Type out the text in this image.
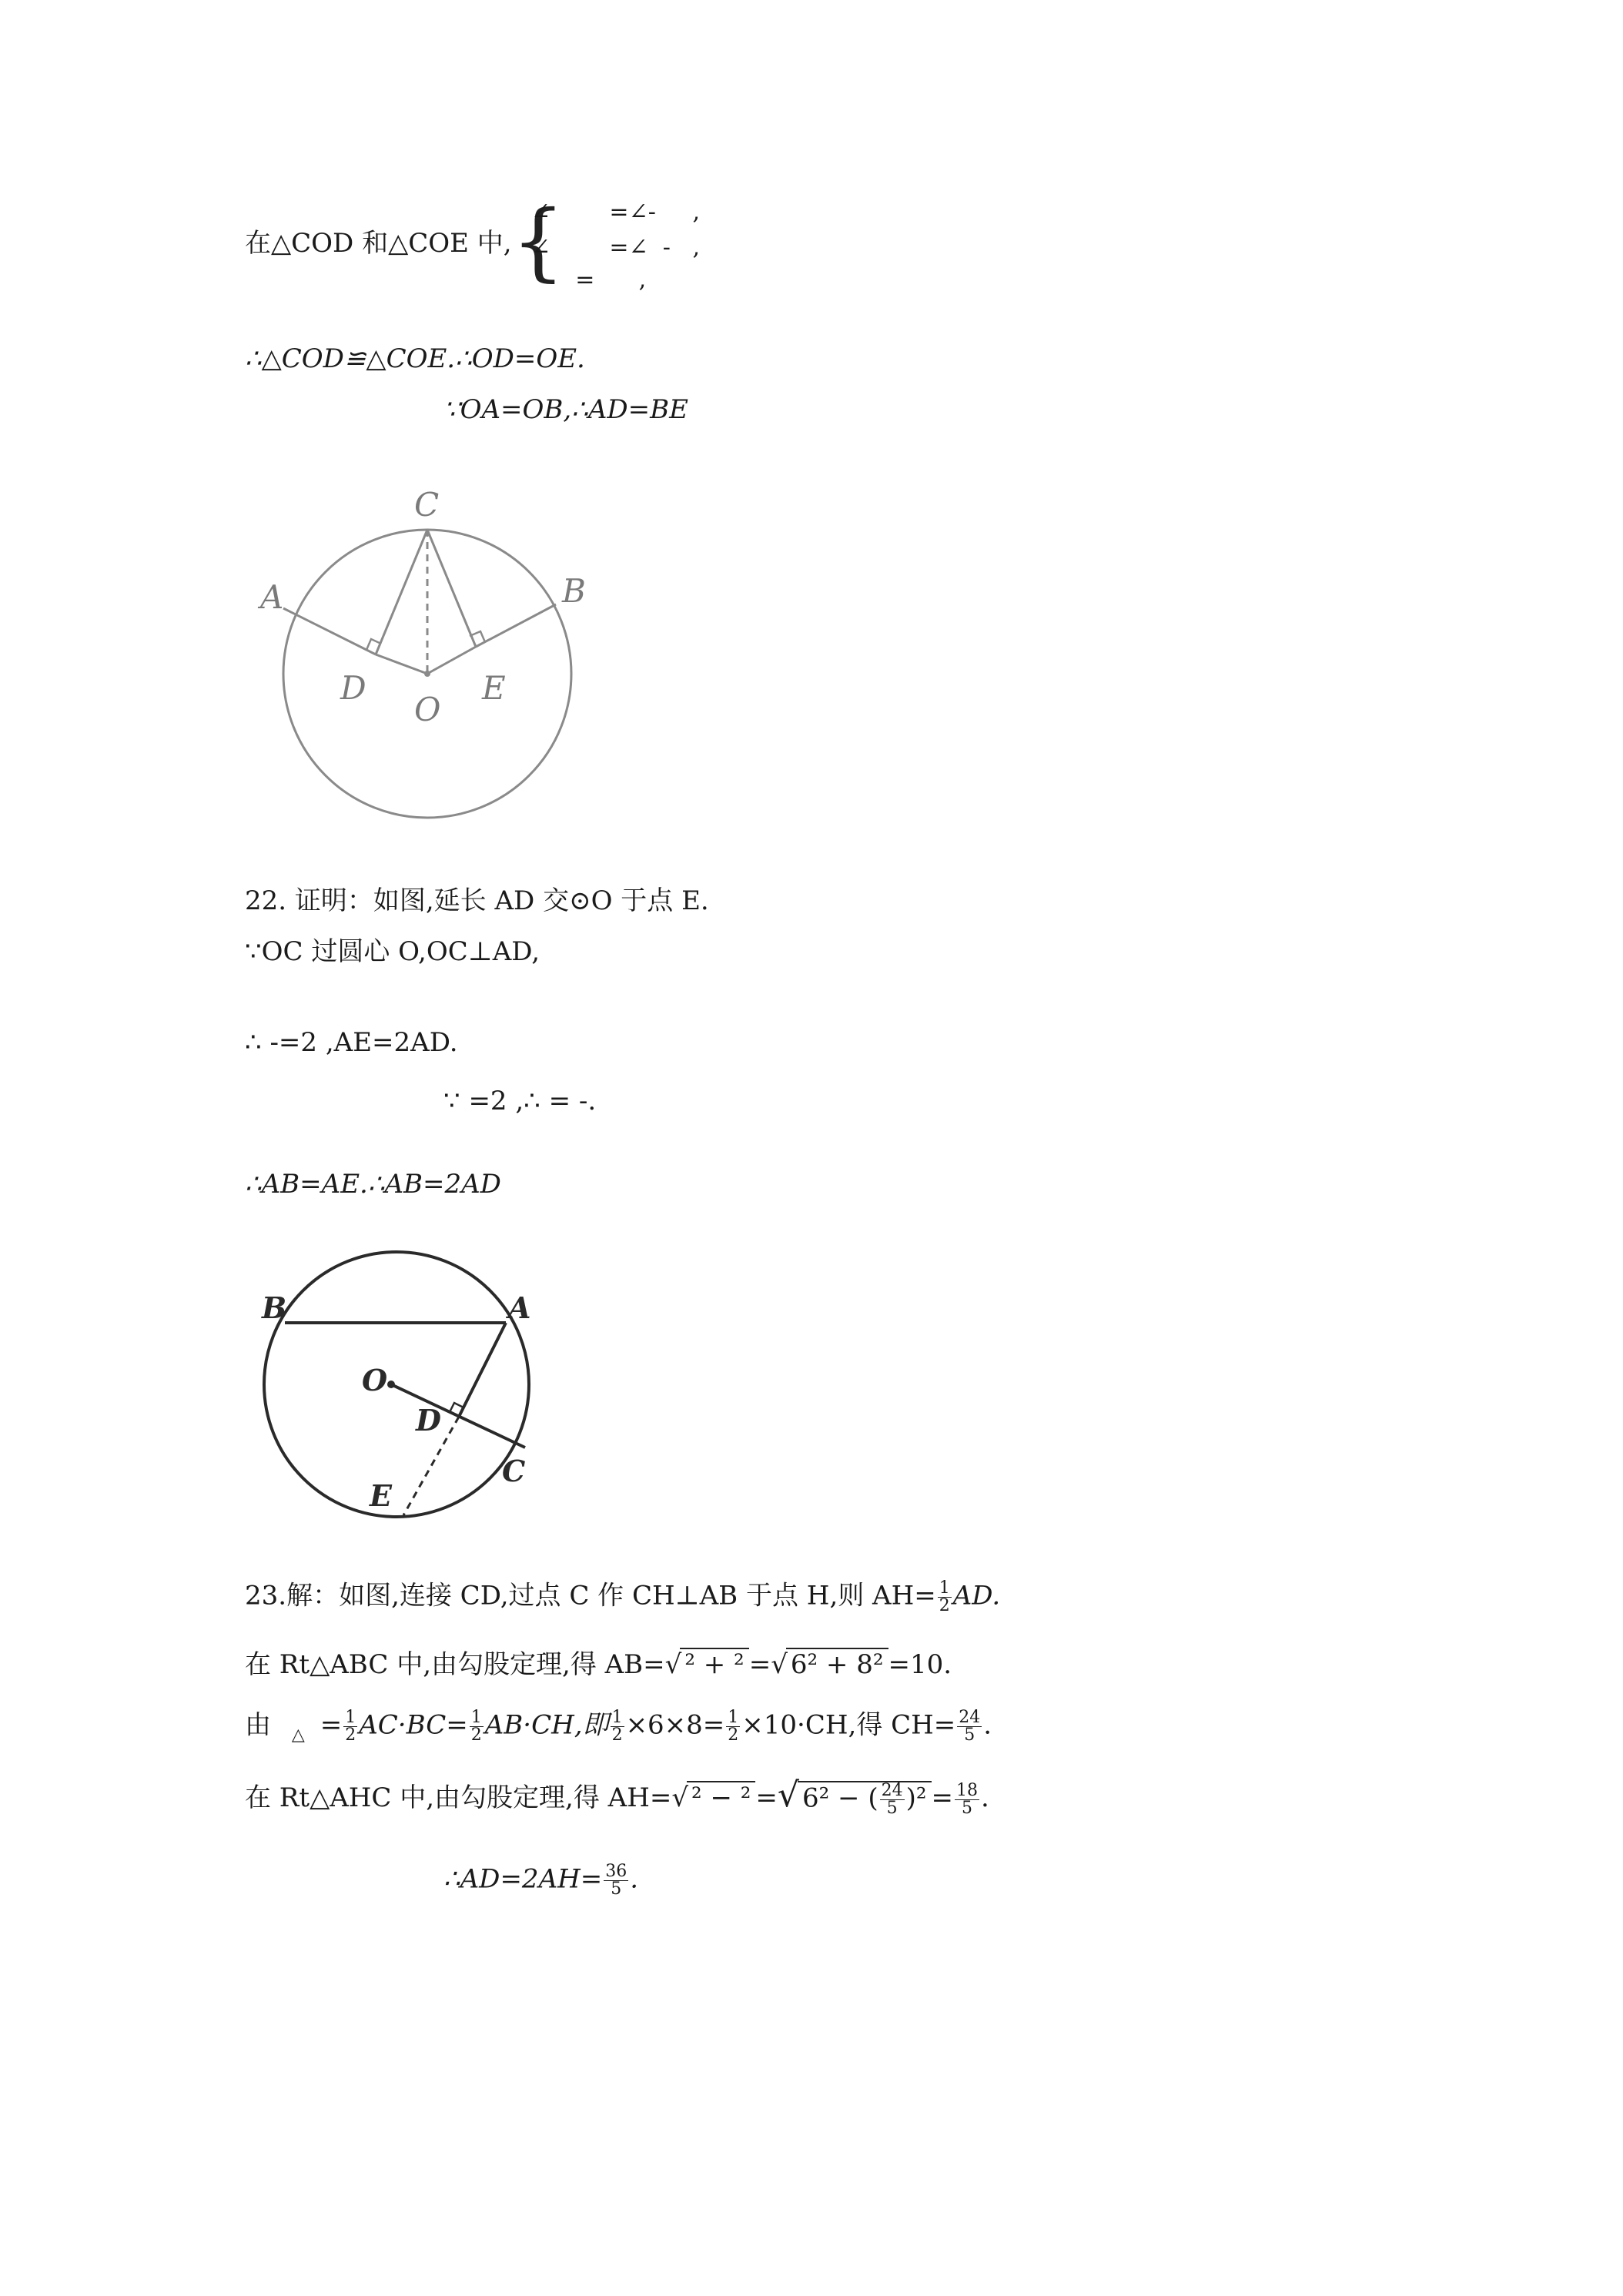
在△COD 和△COE 中, {
∠        =∠-     ,
∠        =∠  -   ,
=      ,
∴△COD≌△COE.∴OD=OE.
∵OA=OB,∴AD=BE
C
A	B
D	E
O
22. 证明：如图,延长 AD 交⊙O 于点 E.
∵OC 过圆心 O,OC⊥AD,
∴ -=2 ,AE=2AD.
∵ =2 ,∴ = -.
∴AB=AE.∴AB=2AD
B	A
O
D
C
E
23.解：如图,连接 CD,过点 C 作 CH⊥AB 于点 H,则 $AH= \frac{1}{2}$ AD.
在 Rt△ABC 中,由勾股定理,得 AB=√² + ² =√ 6² + 8² =10.
由 $_\triangle = \frac{1}{2} AC\cdot BC= \frac{1}{2} AB\cdot CH$,即 $\frac{1}{2} \times 6\times 8= \frac{1}{2} \times 10\cdot CH$,得 $CH= \frac{24}{5}$ .
在 Rt△AHC 中,由勾股定理,得 AH=√² − ² =√ 6² − ( $\frac{24}{5} )^2 = \frac{18}{5}$ .
∴AD=2AH= $\frac{36}{5}$ .
